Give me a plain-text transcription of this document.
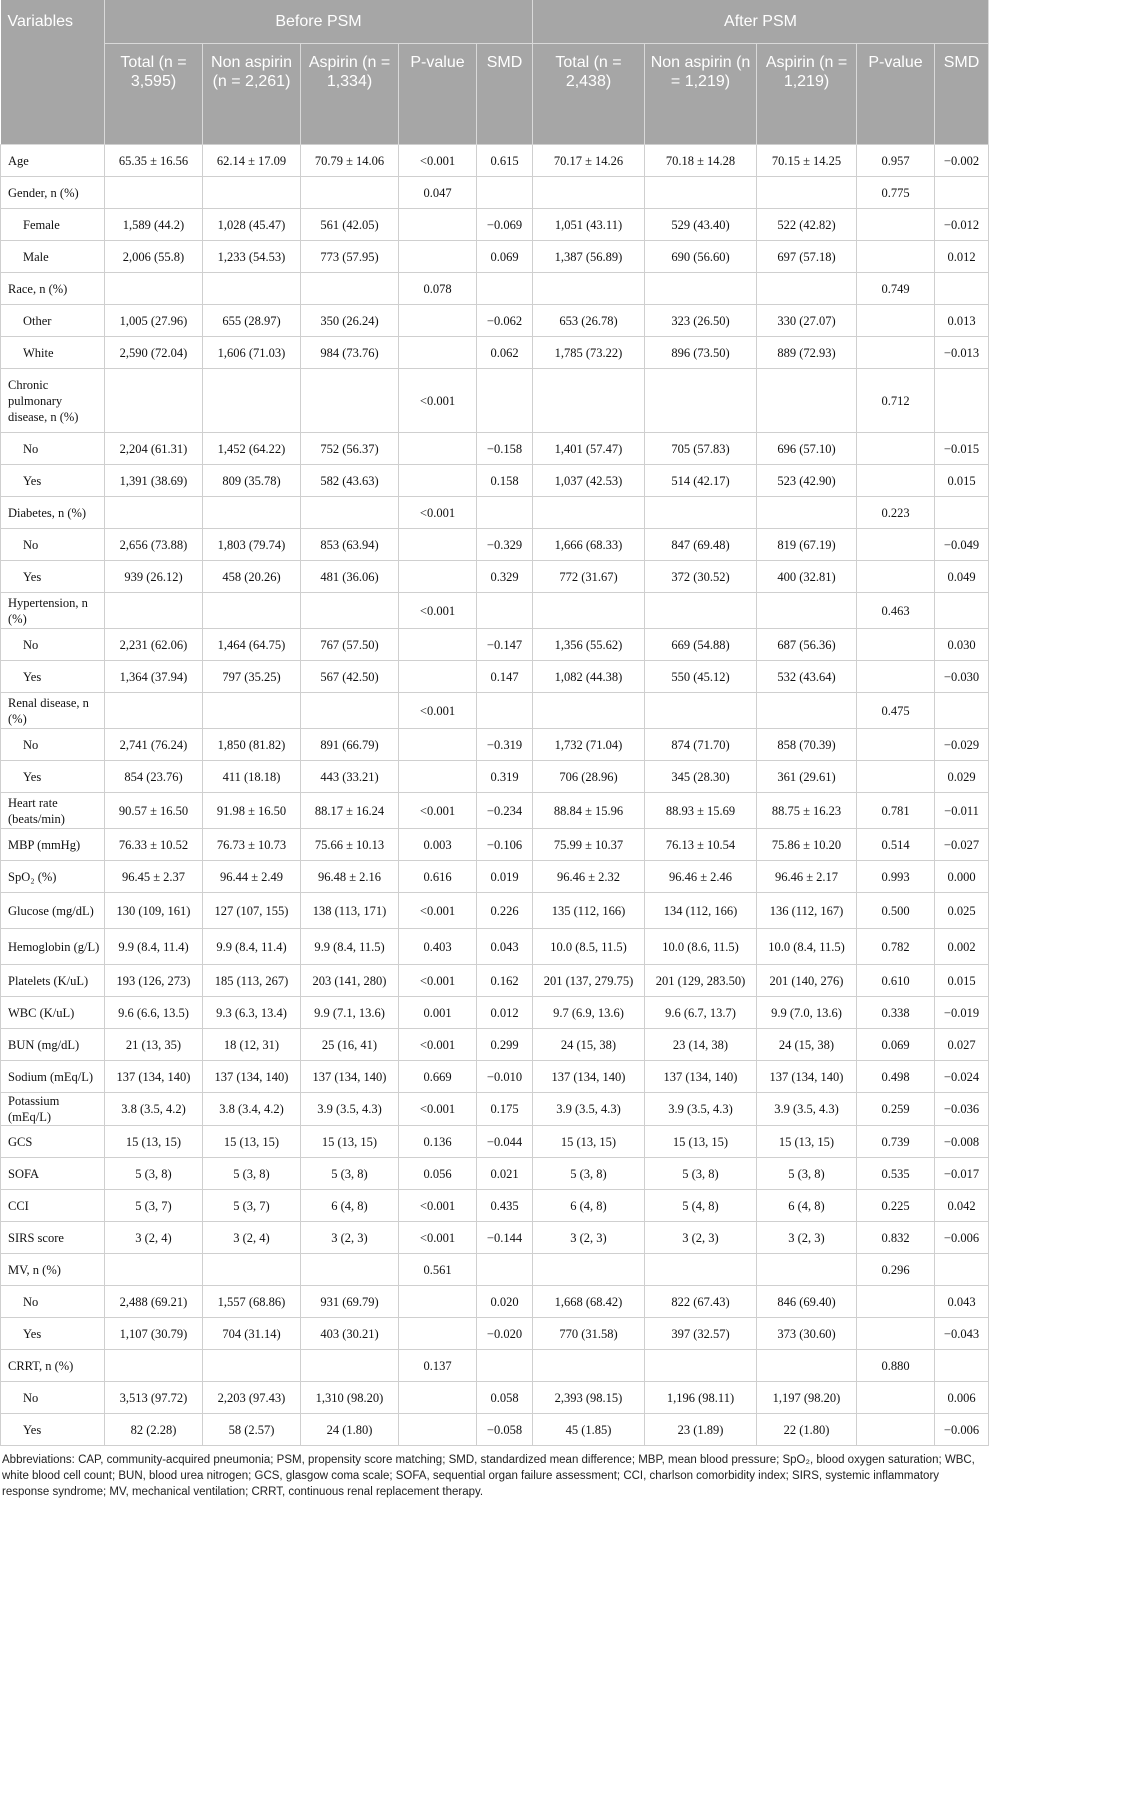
Variables	Before PSM					After PSM				
	Total (n = 3,595)	Non aspirin (n = 2,261)	Aspirin (n = 1,334)	P-value	SMD	Total (n = 2,438)	Non aspirin (n = 1,219)	Aspirin (n = 1,219)	P-value	SMD
Age	65.35 ± 16.56	62.14 ± 17.09	70.79 ± 14.06	<0.001	0.615	70.17 ± 14.26	70.18 ± 14.28	70.15 ± 14.25	0.957	−0.002
Gender, n (%)				0.047					0.775	
Female	1,589 (44.2)	1,028 (45.47)	561 (42.05)		−0.069	1,051 (43.11)	529 (43.40)	522 (42.82)		−0.012
Male	2,006 (55.8)	1,233 (54.53)	773 (57.95)		0.069	1,387 (56.89)	690 (56.60)	697 (57.18)		0.012
Race, n (%)				0.078					0.749	
Other	1,005 (27.96)	655 (28.97)	350 (26.24)		−0.062	653 (26.78)	323 (26.50)	330 (27.07)		0.013
White	2,590 (72.04)	1,606 (71.03)	984 (73.76)		0.062	1,785 (73.22)	896 (73.50)	889 (72.93)		−0.013
Chronic pulmonary disease, n (%)				<0.001					0.712	
No	2,204 (61.31)	1,452 (64.22)	752 (56.37)		−0.158	1,401 (57.47)	705 (57.83)	696 (57.10)		−0.015
Yes	1,391 (38.69)	809 (35.78)	582 (43.63)		0.158	1,037 (42.53)	514 (42.17)	523 (42.90)		0.015
Diabetes, n (%)				<0.001					0.223	
No	2,656 (73.88)	1,803 (79.74)	853 (63.94)		−0.329	1,666 (68.33)	847 (69.48)	819 (67.19)		−0.049
Yes	939 (26.12)	458 (20.26)	481 (36.06)		0.329	772 (31.67)	372 (30.52)	400 (32.81)		0.049
Hypertension, n (%)				<0.001					0.463	
No	2,231 (62.06)	1,464 (64.75)	767 (57.50)		−0.147	1,356 (55.62)	669 (54.88)	687 (56.36)		0.030
Yes	1,364 (37.94)	797 (35.25)	567 (42.50)		0.147	1,082 (44.38)	550 (45.12)	532 (43.64)		−0.030
Renal disease, n (%)				<0.001					0.475	
No	2,741 (76.24)	1,850 (81.82)	891 (66.79)		−0.319	1,732 (71.04)	874 (71.70)	858 (70.39)		−0.029
Yes	854 (23.76)	411 (18.18)	443 (33.21)		0.319	706 (28.96)	345 (28.30)	361 (29.61)		0.029
Heart rate (beats/min)	90.57 ± 16.50	91.98 ± 16.50	88.17 ± 16.24	<0.001	−0.234	88.84 ± 15.96	88.93 ± 15.69	88.75 ± 16.23	0.781	−0.011
MBP (mmHg)	76.33 ± 10.52	76.73 ± 10.73	75.66 ± 10.13	0.003	−0.106	75.99 ± 10.37	76.13 ± 10.54	75.86 ± 10.20	0.514	−0.027
SpO₂ (%)	96.45 ± 2.37	96.44 ± 2.49	96.48 ± 2.16	0.616	0.019	96.46 ± 2.32	96.46 ± 2.46	96.46 ± 2.17	0.993	0.000
Glucose (mg/dL)	130 (109, 161)	127 (107, 155)	138 (113, 171)	<0.001	0.226	135 (112, 166)	134 (112, 166)	136 (112, 167)	0.500	0.025
Hemoglobin (g/L)	9.9 (8.4, 11.4)	9.9 (8.4, 11.4)	9.9 (8.4, 11.5)	0.403	0.043	10.0 (8.5, 11.5)	10.0 (8.6, 11.5)	10.0 (8.4, 11.5)	0.782	0.002
Platelets (K/uL)	193 (126, 273)	185 (113, 267)	203 (141, 280)	<0.001	0.162	201 (137, 279.75)	201 (129, 283.50)	201 (140, 276)	0.610	0.015
WBC (K/uL)	9.6 (6.6, 13.5)	9.3 (6.3, 13.4)	9.9 (7.1, 13.6)	0.001	0.012	9.7 (6.9, 13.6)	9.6 (6.7, 13.7)	9.9 (7.0, 13.6)	0.338	−0.019
BUN (mg/dL)	21 (13, 35)	18 (12, 31)	25 (16, 41)	<0.001	0.299	24 (15, 38)	23 (14, 38)	24 (15, 38)	0.069	0.027
Sodium (mEq/L)	137 (134, 140)	137 (134, 140)	137 (134, 140)	0.669	−0.010	137 (134, 140)	137 (134, 140)	137 (134, 140)	0.498	−0.024
Potassium (mEq/L)	3.8 (3.5, 4.2)	3.8 (3.4, 4.2)	3.9 (3.5, 4.3)	<0.001	0.175	3.9 (3.5, 4.3)	3.9 (3.5, 4.3)	3.9 (3.5, 4.3)	0.259	−0.036
GCS	15 (13, 15)	15 (13, 15)	15 (13, 15)	0.136	−0.044	15 (13, 15)	15 (13, 15)	15 (13, 15)	0.739	−0.008
SOFA	5 (3, 8)	5 (3, 8)	5 (3, 8)	0.056	0.021	5 (3, 8)	5 (3, 8)	5 (3, 8)	0.535	−0.017
CCI	5 (3, 7)	5 (3, 7)	6 (4, 8)	<0.001	0.435	6 (4, 8)	5 (4, 8)	6 (4, 8)	0.225	0.042
SIRS score	3 (2, 4)	3 (2, 4)	3 (2, 3)	<0.001	−0.144	3 (2, 3)	3 (2, 3)	3 (2, 3)	0.832	−0.006
MV, n (%)				0.561					0.296	
No	2,488 (69.21)	1,557 (68.86)	931 (69.79)		0.020	1,668 (68.42)	822 (67.43)	846 (69.40)		0.043
Yes	1,107 (30.79)	704 (31.14)	403 (30.21)		−0.020	770 (31.58)	397 (32.57)	373 (30.60)		−0.043
CRRT, n (%)				0.137					0.880	
No	3,513 (97.72)	2,203 (97.43)	1,310 (98.20)		0.058	2,393 (98.15)	1,196 (98.11)	1,197 (98.20)		0.006
Yes	82 (2.28)	58 (2.57)	24 (1.80)		−0.058	45 (1.85)	23 (1.89)	22 (1.80)		−0.006
Abbreviations: CAP, community-acquired pneumonia; PSM, propensity score matching; SMD, standardized mean difference; MBP, mean blood pressure; SpO₂, blood oxygen saturation; WBC, white blood cell count; BUN, blood urea nitrogen; GCS, glasgow coma scale; SOFA, sequential organ failure assessment; CCI, charlson comorbidity index; SIRS, systemic inflammatory response syndrome; MV, mechanical ventilation; CRRT, continuous renal replacement therapy.
